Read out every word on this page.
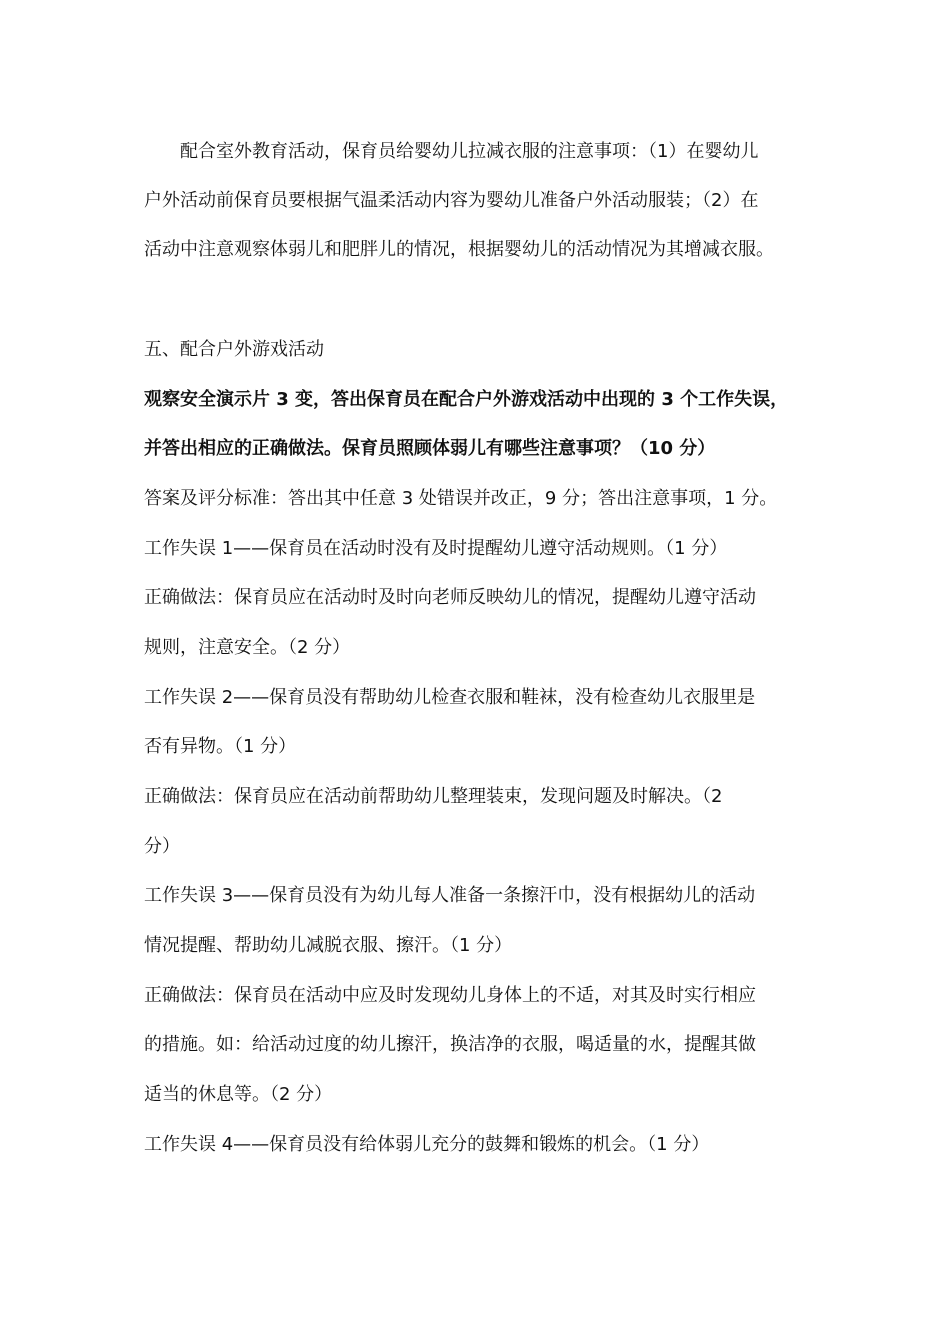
配合室外教育活动，保育员给婴幼儿拉减衣服的注意事项：（1）在婴幼儿
户外活动前保育员要根据气温柔活动内容为婴幼儿准备户外活动服装；（2）在
活动中注意观察体弱儿和肥胖儿的情况，根据婴幼儿的活动情况为其增减衣服。
五、配合户外游戏活动
观察安全演示片 3 变，答出保育员在配合户外游戏活动中出现的 3 个工作失误，
并答出相应的正确做法。保育员照顾体弱儿有哪些注意事项？（10 分）
答案及评分标准：答出其中任意 3 处错误并改正，9 分；答出注意事项，1 分。
工作失误 1——保育员在活动时没有及时提醒幼儿遵守活动规则。（1 分）
正确做法：保育员应在活动时及时向老师反映幼儿的情况，提醒幼儿遵守活动
规则，注意安全。（2 分）
工作失误 2——保育员没有帮助幼儿检查衣服和鞋袜，没有检查幼儿衣服里是
否有异物。（1 分）
正确做法：保育员应在活动前帮助幼儿整理装束，发现问题及时解决。（2
分）
工作失误 3——保育员没有为幼儿每人准备一条擦汗巾，没有根据幼儿的活动
情况提醒、帮助幼儿减脱衣服、擦汗。（1 分）
正确做法：保育员在活动中应及时发现幼儿身体上的不适，对其及时实行相应
的措施。如：给活动过度的幼儿擦汗，换洁净的衣服，喝适量的水，提醒其做
适当的休息等。（2 分）
工作失误 4——保育员没有给体弱儿充分的鼓舞和锻炼的机会。（1 分）
